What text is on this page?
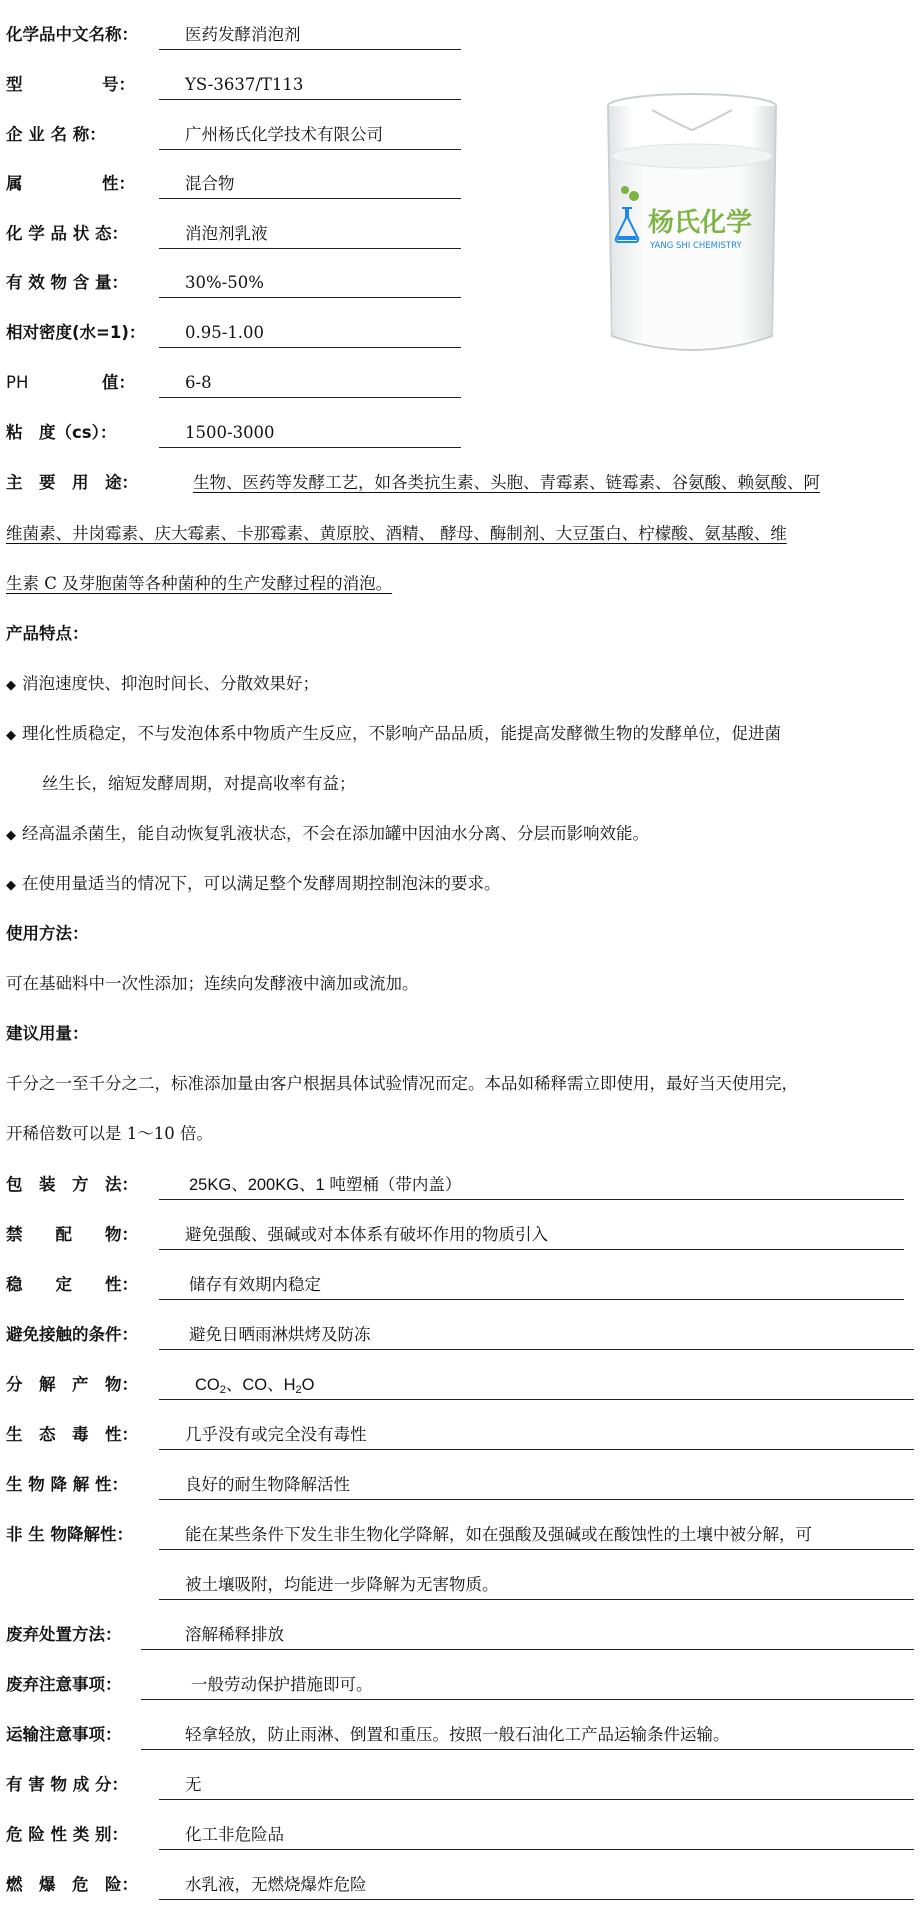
化学品中文名称：	医药发酵消泡剂
型	号：	YS-3637/T113
企 业 名 称：	广州杨氏化学技术有限公司
属	性：	混合物
化 学 品 状 态：	消泡剂乳液
有 效 物 含 量：	30%-50%
相对密度(水=1)：	0.95-1.00
PH	值：	6-8
粘　度（cs）：	1500-3000
杨氏化学
YANG SHI CHEMISTRY
主　要　用　途：	生物、医药等发酵工艺，如各类抗生素、头胞、青霉素、链霉素、谷氨酸、赖氨酸、阿
维菌素、井岗霉素、庆大霉素、卡那霉素、黄原胶、酒精、 酵母、酶制剂、大豆蛋白、柠檬酸、氨基酸、维
生素 C 及芽胞菌等各种菌种的生产发酵过程的消泡。
产品特点：
◆ 消泡速度快、抑泡时间长、分散效果好；
◆ 理化性质稳定，不与发泡体系中物质产生反应，不影响产品品质，能提高发酵微生物的发酵单位，促进菌
丝生长，缩短发酵周期，对提高收率有益；
◆ 经高温杀菌生，能自动恢复乳液状态，不会在添加罐中因油水分离、分层而影响效能。
◆ 在使用量适当的情况下，可以满足整个发酵周期控制泡沫的要求。
使用方法：
可在基础料中一次性添加；连续向发酵液中滴加或流加。
建议用量：
千分之一至千分之二，标准添加量由客户根据具体试验情况而定。本品如稀释需立即使用，最好当天使用完，
开稀倍数可以是 1～10 倍。
包　装　方　法：	25KG、200KG、1 吨塑桶（带内盖）
禁　　配　　物：	避免强酸、强碱或对本体系有破坏作用的物质引入
稳　　定　　性：	储存有效期内稳定
避免接触的条件：	避免日晒雨淋烘烤及防冻
分　解　产　物：	$CO_2$、CO、$H_2O$
生　态　毒　性：	几乎没有或完全没有毒性
生 物 降 解 性：	良好的耐生物降解活性
非 生 物降解性：	能在某些条件下发生非生物化学降解，如在强酸及强碱或在酸蚀性的土壤中被分解，可
被土壤吸附，均能进一步降解为无害物质。
废弃处置方法：	溶解稀释排放
废弃注意事项：	一般劳动保护措施即可。
运输注意事项：	轻拿轻放，防止雨淋、倒置和重压。按照一般石油化工产品运输条件运输。
有 害 物 成 分：	无
危 险 性 类 别：	化工非危险品
燃　爆　危　险：	水乳液，无燃烧爆炸危险
